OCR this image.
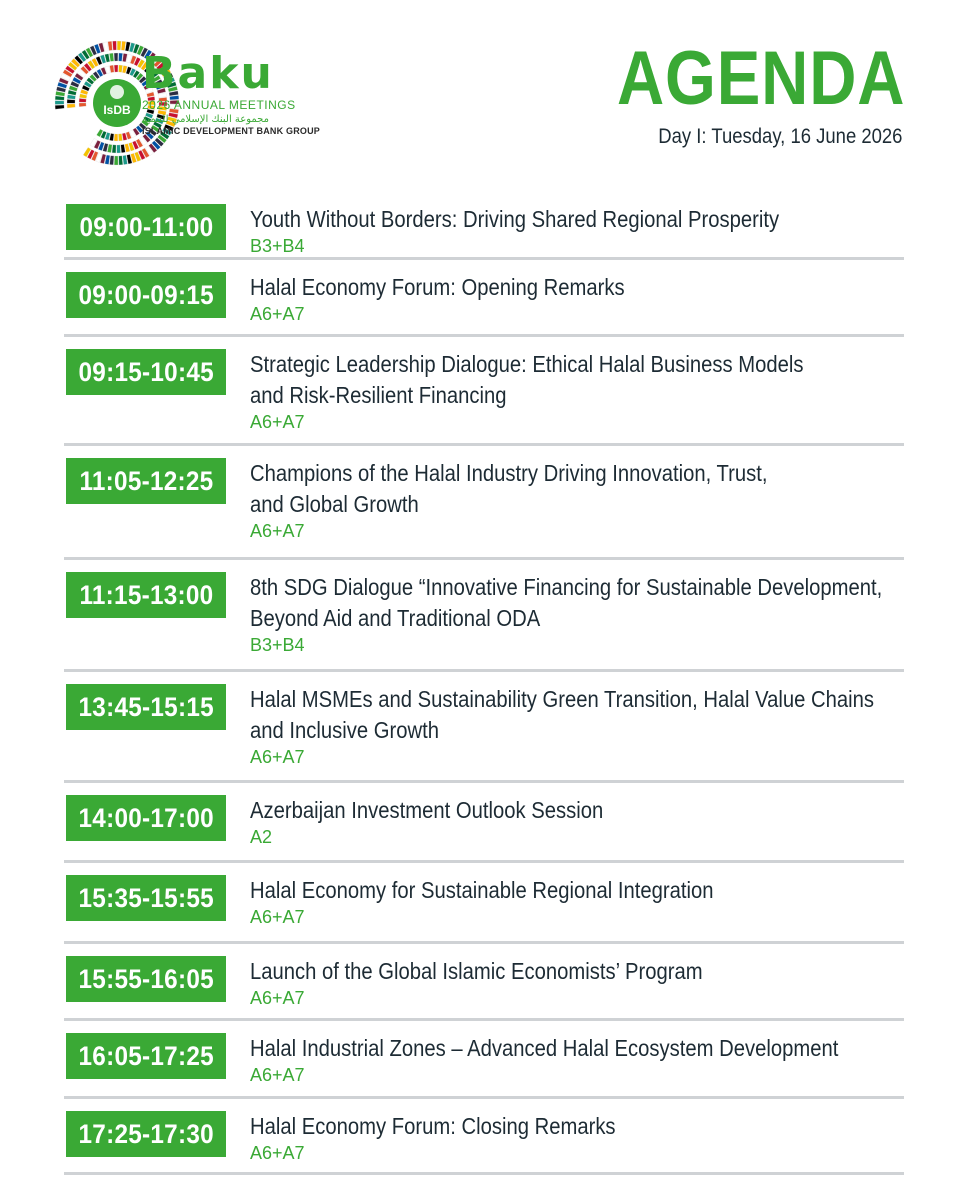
IsDB
Baku
2026 ANNUAL MEETINGS
مجموعة البنك الإسلامي للتنمية
ISLAMIC DEVELOPMENT BANK GROUP
AGENDA
Day I: Tuesday, 16 June 2026
09:00-11:00	Youth Without Borders: Driving Shared Regional Prosperity
B3+B4
09:00-09:15	Halal Economy Forum: Opening Remarks
A6+A7
09:15-10:45	Strategic Leadership Dialogue: Ethical Halal Business Models
and Risk-Resilient Financing
A6+A7
11:05-12:25	Champions of the Halal Industry Driving Innovation, Trust,
and Global Growth
A6+A7
11:15-13:00	8th SDG Dialogue “Innovative Financing for Sustainable Development,
Beyond Aid and Traditional ODA
B3+B4
13:45-15:15	Halal MSMEs and Sustainability Green Transition, Halal Value Chains
and Inclusive Growth
A6+A7
14:00-17:00	Azerbaijan Investment Outlook Session
A2
15:35-15:55	Halal Economy for Sustainable Regional Integration
A6+A7
15:55-16:05	Launch of the Global Islamic Economists’ Program
A6+A7
16:05-17:25	Halal Industrial Zones – Advanced Halal Ecosystem Development
A6+A7
17:25-17:30	Halal Economy Forum: Closing Remarks
A6+A7
